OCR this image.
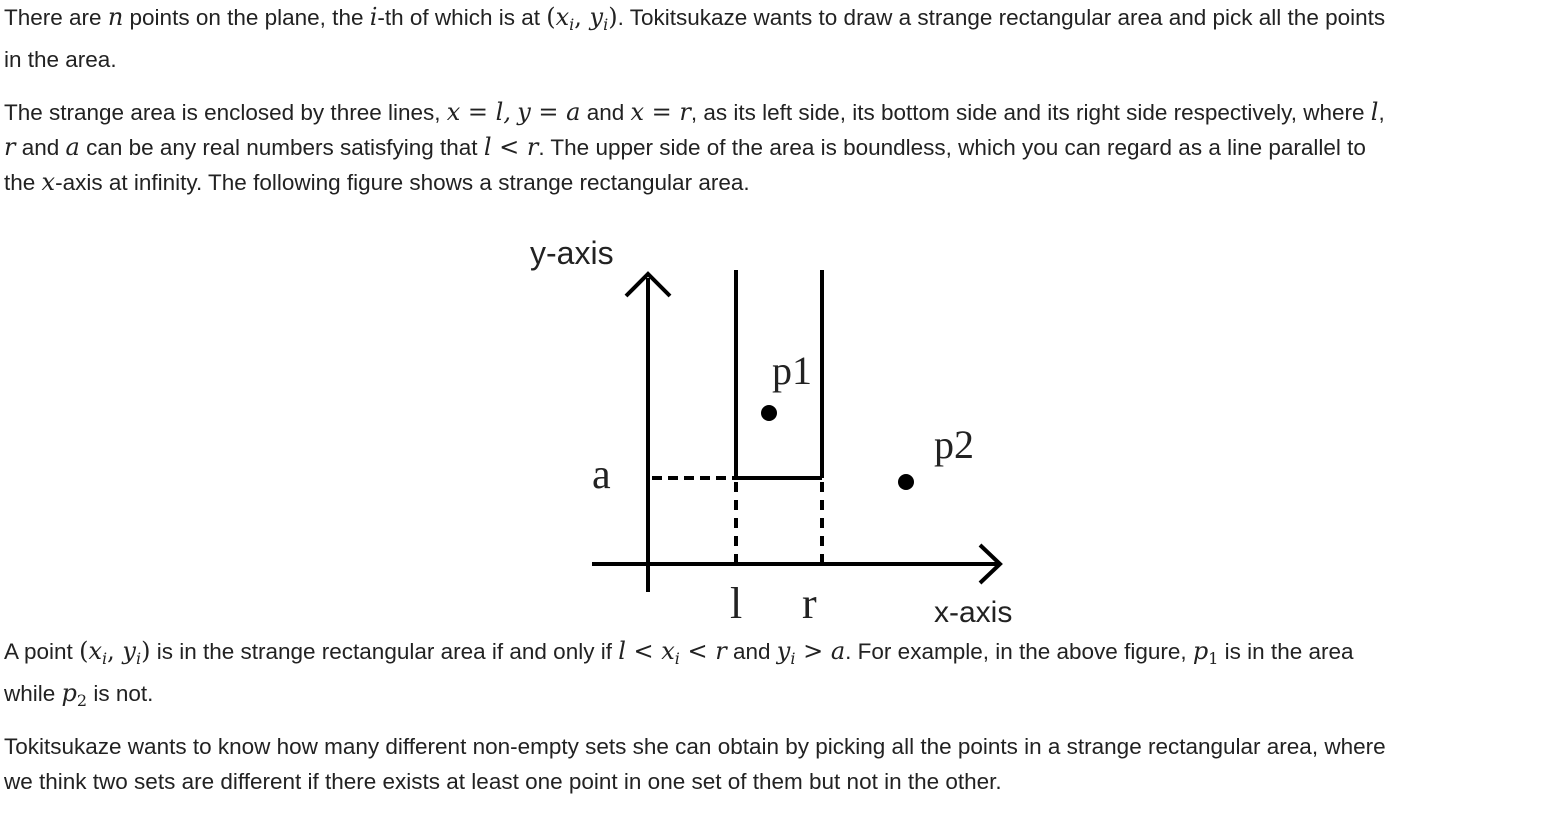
There are n points on the plane, the i-th of which is at ($x_i$, $y_i$). Tokitsukaze wants to draw a strange rectangular area and pick all the points
in the area.
The strange area is enclosed by three lines, x = l, y = a and x = r, as its left side, its bottom side and its right side respectively, where l,
r and a can be any real numbers satisfying that l < r. The upper side of the area is boundless, which you can regard as a line parallel to
the x-axis at infinity. The following figure shows a strange rectangular area.
y-axis
x-axis
a
l r
p1
p2
A point ($x_i$, $y_i$) is in the strange rectangular area if and only if $l < x_i < r$ and $y_i > a$. For example, in the above figure, $p_1$ is in the area
while $p_2$ is not.
Tokitsukaze wants to know how many different non-empty sets she can obtain by picking all the points in a strange rectangular area, where
we think two sets are different if there exists at least one point in one set of them but not in the other.
